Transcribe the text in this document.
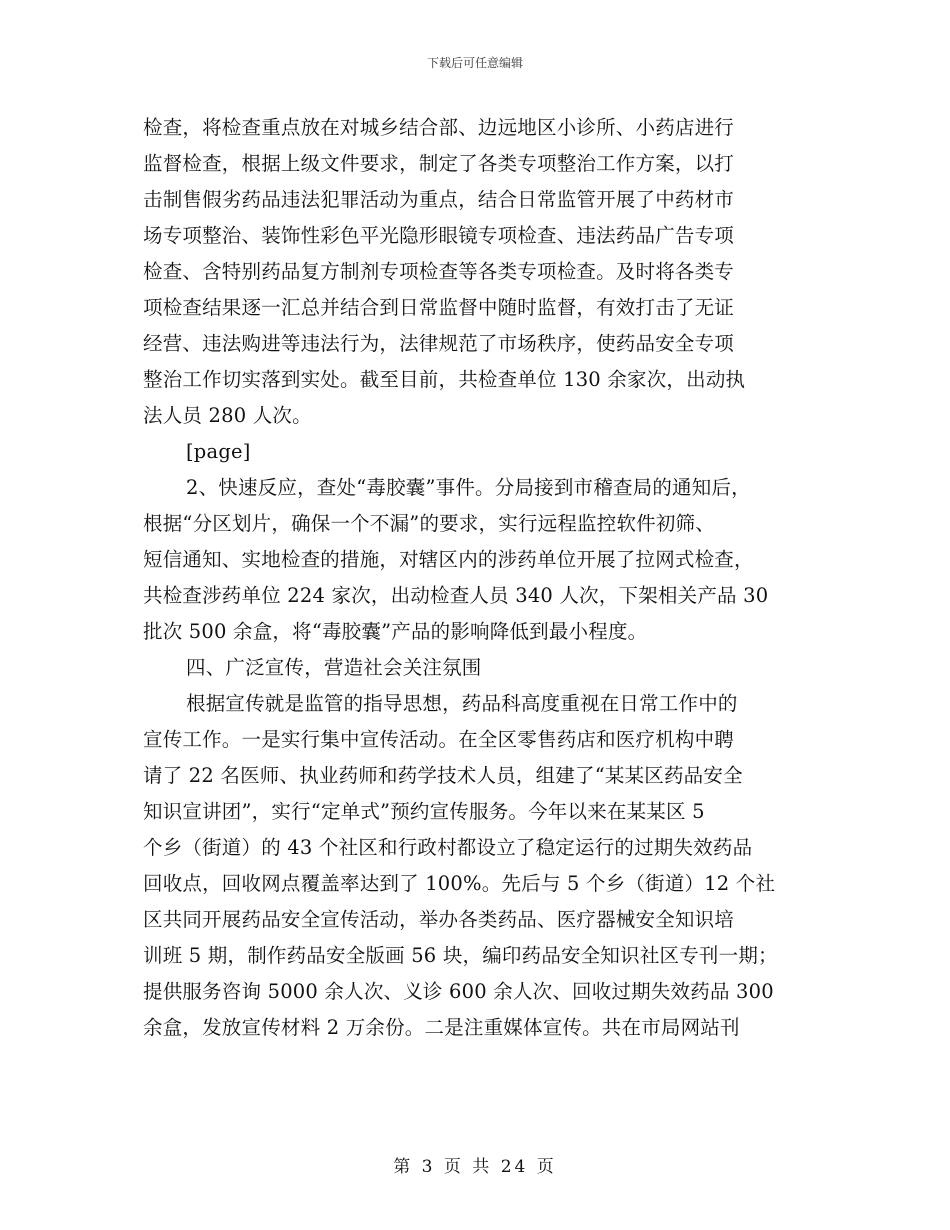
下载后可任意编辑
检查，将检查重点放在对城乡结合部、边远地区小诊所、小药店进行
监督检查，根据上级文件要求，制定了各类专项整治工作方案，以打
击制售假劣药品违法犯罪活动为重点，结合日常监管开展了中药材市
场专项整治、装饰性彩色平光隐形眼镜专项检查、违法药品广告专项
检查、含特别药品复方制剂专项检查等各类专项检查。及时将各类专
项检查结果逐一汇总并结合到日常监督中随时监督，有效打击了无证
经营、违法购进等违法行为，法律规范了市场秩序，使药品安全专项
整治工作切实落到实处。截至目前，共检查单位 130 余家次，出动执
法人员 280 人次。
[page]
2、快速反应，查处“毒胶囊”事件。分局接到市稽查局的通知后，
根据“分区划片，确保一个不漏”的要求，实行远程监控软件初筛、
短信通知、实地检查的措施，对辖区内的涉药单位开展了拉网式检查，
共检查涉药单位 224 家次，出动检查人员 340 人次，下架相关产品 30
批次 500 余盒，将“毒胶囊”产品的影响降低到最小程度。
四、广泛宣传，营造社会关注氛围
根据宣传就是监管的指导思想，药品科高度重视在日常工作中的
宣传工作。一是实行集中宣传活动。在全区零售药店和医疗机构中聘
请了 22 名医师、执业药师和药学技术人员，组建了“某某区药品安全
知识宣讲团”，实行“定单式”预约宣传服务。今年以来在某某区 5
个乡（街道）的 43 个社区和行政村都设立了稳定运行的过期失效药品
回收点，回收网点覆盖率达到了 100%。先后与 5 个乡（街道）12 个社
区共同开展药品安全宣传活动，举办各类药品、医疗器械安全知识培
训班 5 期，制作药品安全版画 56 块，编印药品安全知识社区专刊一期；
提供服务咨询 5000 余人次、义诊 600 余人次、回收过期失效药品 300
余盒，发放宣传材料 2 万余份。二是注重媒体宣传。共在市局网站刊
第 3 页 共 24 页
